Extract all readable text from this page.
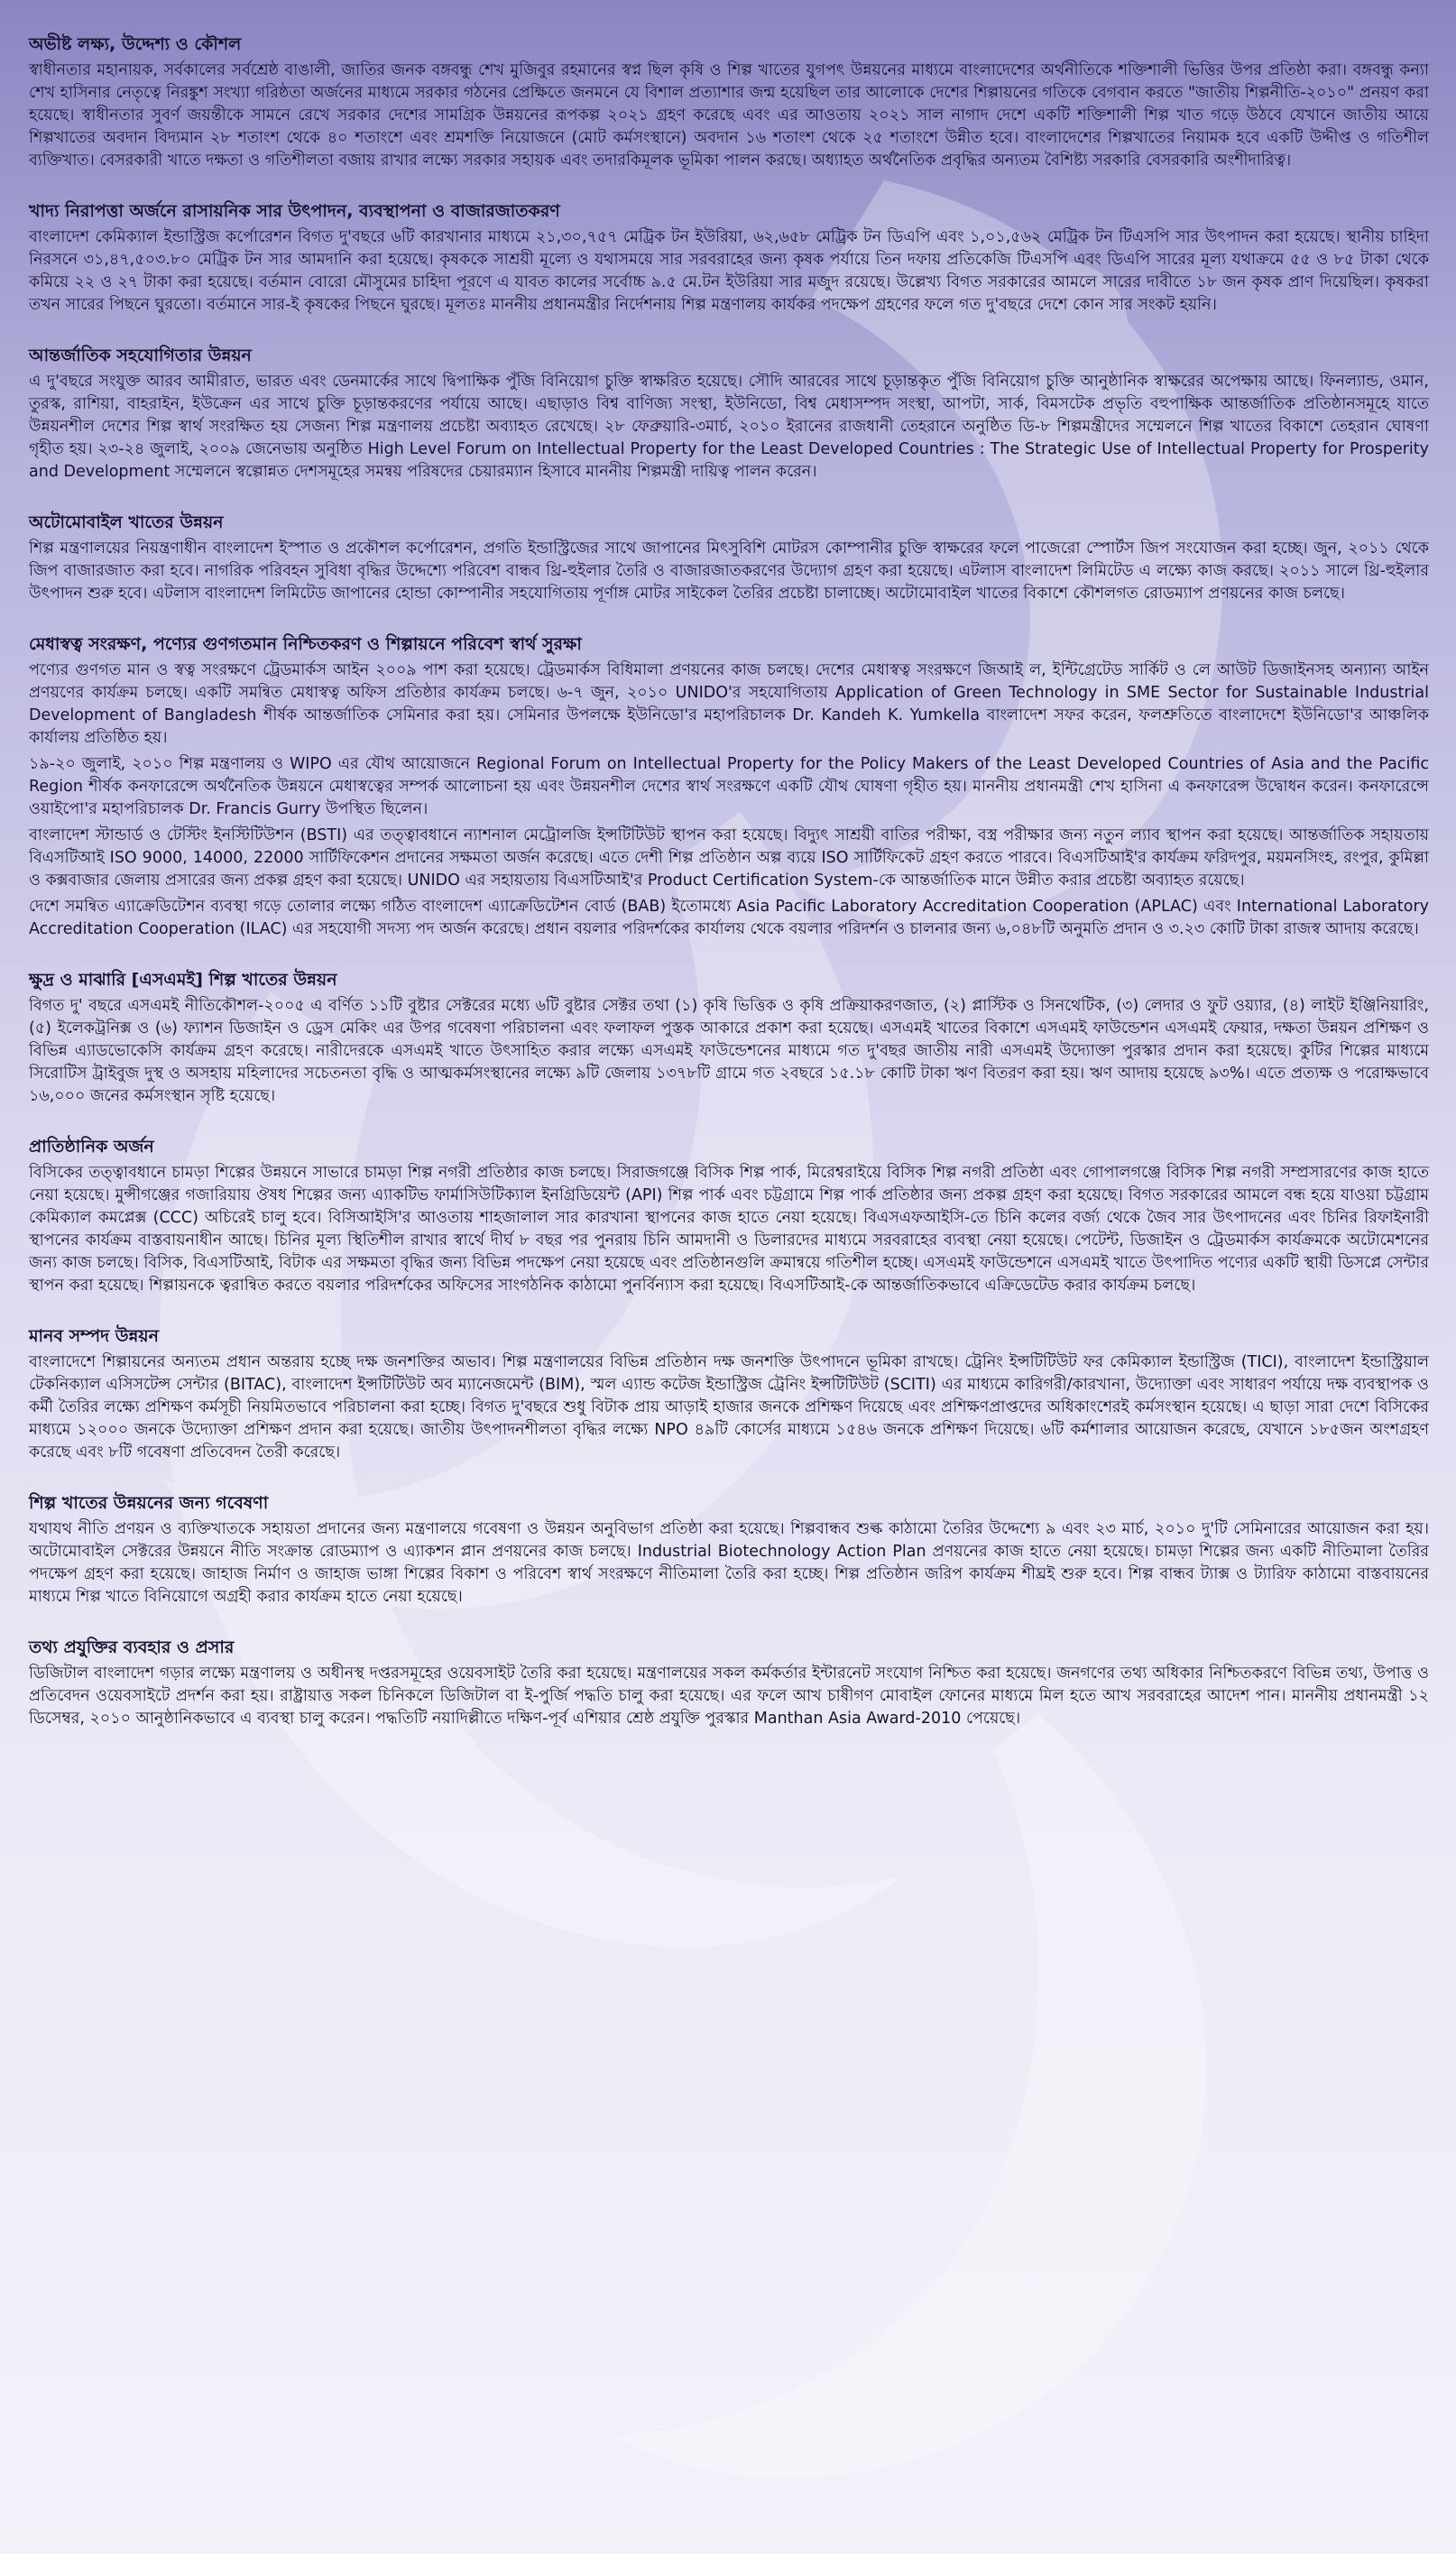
অভীষ্ট লক্ষ্য, উদ্দেশ্য ও কৌশল

স্বাধীনতার মহানায়ক, সর্বকালের সর্বশ্রেষ্ঠ বাঙালী, জাতির জনক বঙ্গবন্ধু শেখ মুজিবুর রহমানের স্বপ্ন ছিল কৃষি ও শিল্প খাতের যুগপৎ উন্নয়নের মাধ্যমে বাংলাদেশের অর্থনীতিকে শক্তিশালী ভিত্তির উপর প্রতিষ্ঠা করা। বঙ্গবন্ধু কন্যা শেখ হাসিনার নেতৃত্বে নিরঙ্কুশ সংখ্যা গরিষ্ঠতা অর্জনের মাধ্যমে সরকার গঠনের প্রেক্ষিতে জনমনে যে বিশাল প্রত্যাশার জন্ম হয়েছিল তার আলোকে দেশের শিল্পায়নের গতিকে বেগবান করতে "জাতীয় শিল্পনীতি-২০১০" প্রনয়ণ করা হয়েছে। স্বাধীনতার সুবর্ণ জয়ন্তীকে সামনে রেখে সরকার দেশের সামগ্রিক উন্নয়নের রূপকল্প ২০২১ গ্রহণ করেছে এবং এর আওতায় ২০২১ সাল নাগাদ দেশে একটি শক্তিশালী শিল্প খাত গড়ে উঠবে যেখানে জাতীয় আয়ে শিল্পখাতের অবদান বিদ্যমান ২৮ শতাংশ থেকে ৪০ শতাংশে এবং শ্রমশক্তি নিয়োজনে (মোট কর্মসংস্থানে) অবদান ১৬ শতাংশ থেকে ২৫ শতাংশে উন্নীত হবে। বাংলাদেশের শিল্পখাতের নিয়ামক হবে একটি উদ্দীপ্ত ও গতিশীল ব্যক্তিখাত। বেসরকারী খাতে দক্ষতা ও গতিশীলতা বজায় রাখার লক্ষ্যে সরকার সহায়ক এবং তদারকিমূলক ভূমিকা পালন করছে। অধ্যাহত অর্থনৈতিক প্রবৃদ্ধির অন্যতম বৈশিষ্ট্য সরকারি বেসরকারি অংশীদারিত্ব।

খাদ্য নিরাপত্তা অর্জনে রাসায়নিক সার উৎপাদন, ব্যবস্থাপনা ও বাজারজাতকরণ

বাংলাদেশ কেমিক্যাল ইন্ডাস্ট্রিজ কর্পোরেশন বিগত দু'বছরে ৬টি কারখানার মাধ্যমে ২১,৩০,৭৫৭ মেট্রিক টন ইউরিয়া, ৬২,৬৫৮ মেট্রিক টন ডিএপি এবং ১,০১,৫৬২ মেট্রিক টন টিএসপি সার উৎপাদন করা হয়েছে। স্থানীয় চাহিদা নিরসনে ৩১,৪৭,৫০৩.৮০ মেট্রিক টন সার আমদানি করা হয়েছে। কৃষককে সাশ্রয়ী মূল্যে ও যথাসময়ে সার সরবরাহের জন্য কৃষক পর্যায়ে তিন দফায় প্রতিকেজি টিএসপি এবং ডিএপি সারের মূল্য যথাক্রমে ৫৫ ও ৮৫ টাকা থেকে কমিয়ে ২২ ও ২৭ টাকা করা হয়েছে। বর্তমান বোরো মৌসুমের চাহিদা পূরণে এ যাবত কালের সর্বোচ্চ ৯.৫ মে.টন ইউরিয়া সার মজুদ রয়েছে। উল্লেখ্য বিগত সরকারের আমলে সারের দাবীতে ১৮ জন কৃষক প্রাণ দিয়েছিল। কৃষকরা তখন সারের পিছনে ঘুরতো। বর্তমানে সার-ই কৃষকের পিছনে ঘুরছে। মূলতঃ মাননীয় প্রধানমন্ত্রীর নির্দেশনায় শিল্প মন্ত্রণালয় কার্যকর পদক্ষেপ গ্রহণের ফলে গত দু'বছরে দেশে কোন সার সংকট হয়নি।

আন্তর্জাতিক সহযোগিতার উন্নয়ন

এ দু'বছরে সংযুক্ত আরব আমীরাত, ভারত এবং ডেনমার্কের সাথে দ্বিপাক্ষিক পুঁজি বিনিয়োগ চুক্তি স্বাক্ষরিত হয়েছে। সৌদি আরবের সাথে চূড়ান্তকৃত পুঁজি বিনিয়োগ চুক্তি আনুষ্ঠানিক স্বাক্ষরের অপেক্ষায় আছে। ফিনল্যান্ড, ওমান, তুরস্ক, রাশিয়া, বাহরাইন, ইউক্রেন এর সাথে চুক্তি চূড়ান্তকরণের পর্যায়ে আছে। এছাড়াও বিশ্ব বাণিজ্য সংস্থা, ইউনিডো, বিশ্ব মেধাসম্পদ সংস্থা, আপটা, সার্ক, বিমসটেক প্রভৃতি বহুপাক্ষিক আন্তর্জাতিক প্রতিষ্ঠানসমূহে যাতে উন্নয়নশীল দেশের শিল্প স্বার্থ সংরক্ষিত হয় সেজন্য শিল্প মন্ত্রণালয় প্রচেষ্টা অব্যাহত রেখেছে। ২৮ ফেব্রুয়ারি-৩মার্চ, ২০১০ ইরানের রাজধানী তেহরানে অনুষ্ঠিত ডি-৮ শিল্পমন্ত্রীদের সম্মেলনে শিল্প খাতের বিকাশে তেহরান ঘোষণা গৃহীত হয়। ২৩-২৪ জুলাই, ২০০৯ জেনেভায় অনুষ্ঠিত High Level Forum on Intellectual Property for the Least Developed Countries : The Strategic Use of Intellectual Property for Prosperity and Development সম্মেলনে স্বল্পোন্নত দেশসমূহের সমন্বয় পরিষদের চেয়ারম্যান হিসাবে মাননীয় শিল্পমন্ত্রী দায়িত্ব পালন করেন।

অটোমোবাইল খাতের উন্নয়ন

শিল্প মন্ত্রণালয়ের নিয়ন্ত্রণাধীন বাংলাদেশ ইস্পাত ও প্রকৌশল কর্পোরেশন, প্রগতি ইন্ডাস্ট্রিজের সাথে জাপানের মিৎসুবিশি মোটরস কোম্পানীর চুক্তি স্বাক্ষরের ফলে পাজেরো স্পোর্টস জিপ সংযোজন করা হচ্ছে। জুন, ২০১১ থেকে জিপ বাজারজাত করা হবে। নাগরিক পরিবহন সুবিধা বৃদ্ধির উদ্দেশ্যে পরিবেশ বান্ধব থ্রি-হুইলার তৈরি ও বাজারজাতকরণের উদ্যোগ গ্রহণ করা হয়েছে। এটলাস বাংলাদেশ লিমিটেড এ লক্ষ্যে কাজ করছে। ২০১১ সালে থ্রি-হুইলার উৎপাদন শুরু হবে। এটলাস বাংলাদেশ লিমিটেড জাপানের হোন্ডা কোম্পানীর সহযোগিতায় পূর্ণাঙ্গ মোটর সাইকেল তৈরির প্রচেষ্টা চালাচ্ছে। অটোমোবাইল খাতের বিকাশে কৌশলগত রোডম্যাপ প্রণয়নের কাজ চলছে।

মেধাস্বত্ব সংরক্ষণ, পণ্যের গুণগতমান নিশ্চিতকরণ ও শিল্পায়নে পরিবেশ স্বার্থ সুরক্ষা

পণ্যের গুণগত মান ও স্বত্ব সংরক্ষণে ট্রেডমার্কস আইন ২০০৯ পাশ করা হয়েছে। ট্রেডমার্কস বিধিমালা প্রণয়নের কাজ চলছে। দেশের মেধাস্বত্ব সংরক্ষণে জিআই ল, ইন্টিগ্রেটেড সার্কিট ও লে আউট ডিজাইনসহ অন্যান্য আইন প্রণয়ণের কার্যক্রম চলছে। একটি সমন্বিত মেধাস্বত্ব অফিস প্রতিষ্ঠার কার্যক্রম চলছে। ৬-৭ জুন, ২০১০ UNIDO'র সহযোগিতায় Application of Green Technology in SME Sector for Sustainable Industrial Development of Bangladesh শীর্ষক আন্তর্জাতিক সেমিনার করা হয়। সেমিনার উপলক্ষে ইউনিডো'র মহাপরিচালক Dr. Kandeh K. Yumkella বাংলাদেশ সফর করেন, ফলশ্রুতিতে বাংলাদেশে ইউনিডো'র আঞ্চলিক কার্যালয় প্রতিষ্ঠিত হয়।

১৯-২০ জুলাই, ২০১০ শিল্প মন্ত্রণালয় ও WIPO এর যৌথ আয়োজনে Regional Forum on Intellectual Property for the Policy Makers of the Least Developed Countries of Asia and the Pacific Region শীর্ষক কনফারেন্সে অর্থনৈতিক উন্নয়নে মেধাস্বত্বের সম্পর্ক আলোচনা হয় এবং উন্নয়নশীল দেশের স্বার্থ সংরক্ষণে একটি যৌথ ঘোষণা গৃহীত হয়। মাননীয় প্রধানমন্ত্রী শেখ হাসিনা এ কনফারেন্স উদ্বোধন করেন। কনফারেন্সে ওয়াইপো'র মহাপরিচালক Dr. Francis Gurry উপস্থিত ছিলেন।

বাংলাদেশ স্টান্ডার্ড ও টেস্টিং ইনস্টিটিউশন (BSTI) এর তত্ত্বাবধানে ন্যাশনাল মেট্রোলজি ইন্সটিটিউট স্থাপন করা হয়েছে। বিদ্যুৎ সাশ্রয়ী বাতির পরীক্ষা, বস্ত্র পরীক্ষার জন্য নতুন ল্যাব স্থাপন করা হয়েছে। আন্তর্জাতিক সহায়তায় বিএসটিআই ISO 9000, 14000, 22000 সার্টিফিকেশন প্রদানের সক্ষমতা অর্জন করেছে। এতে দেশী শিল্প প্রতিষ্ঠান অল্প ব্যয়ে ISO সার্টিফিকেট গ্রহণ করতে পারবে। বিএসটিআই'র কার্যক্রম ফরিদপুর, ময়মনসিংহ, রংপুর, কুমিল্লা ও কক্সবাজার জেলায় প্রসারের জন্য প্রকল্প গ্রহণ করা হয়েছে। UNIDO এর সহায়তায় বিএসটিআই'র Product Certification System-কে আন্তর্জাতিক মানে উন্নীত করার প্রচেষ্টা অব্যাহত রয়েছে।

দেশে সমন্বিত এ্যাক্রেডিটেশন ব্যবস্থা গড়ে তোলার লক্ষ্যে গঠিত বাংলাদেশ এ্যাক্রেডিটেশন বোর্ড (BAB) ইতোমধ্যে Asia Pacific Laboratory Accreditation Cooperation (APLAC) এবং International Laboratory Accreditation Cooperation (ILAC) এর সহযোগী সদস্য পদ অর্জন করেছে। প্রধান বয়লার পরিদর্শকের কার্যালয় থেকে বয়লার পরিদর্শন ও চালনার জন্য ৬,০৪৮টি অনুমতি প্রদান ও ৩.২৩ কোটি টাকা রাজস্ব আদায় করেছে।

ক্ষুদ্র ও মাঝারি [এসএমই] শিল্প খাতের উন্নয়ন

বিগত দু' বছরে এসএমই নীতিকৌশল-২০০৫ এ বর্ণিত ১১টি বুষ্টার সেক্টরের মধ্যে ৬টি বুষ্টার সেক্টর তথা (১) কৃষি ভিত্তিক ও কৃষি প্রক্রিয়াকরণজাত, (২) প্লাস্টিক ও সিনথেটিক, (৩) লেদার ও ফুট ওয়্যার, (৪) লাইট ইঞ্জিনিয়ারিং, (৫) ইলেকট্রনিক্স ও (৬) ফ্যাশন ডিজাইন ও ড্রেস মেকিং এর উপর গবেষণা পরিচালনা এবং ফলাফল পুস্তক আকারে প্রকাশ করা হয়েছে। এসএমই খাতের বিকাশে এসএমই ফাউন্ডেশন এসএমই ফেয়ার, দক্ষতা উন্নয়ন প্রশিক্ষণ ও বিভিন্ন এ্যাডভোকেসি কার্যক্রম গ্রহণ করেছে। নারীদেরকে এসএমই খাতে উৎসাহিত করার লক্ষ্যে এসএমই ফাউন্ডেশনের মাধ্যমে গত দু'বছর জাতীয় নারী এসএমই উদ্যোক্তা পুরস্কার প্রদান করা হয়েছে। কুটির শিল্পের মাধ্যমে সিরোটিস ট্রাইবুজ দুস্থ ও অসহায় মহিলাদের সচেতনতা বৃদ্ধি ও আত্মকর্মসংস্থানের লক্ষ্যে ৯টি জেলায় ১৩৭৮টি গ্রামে গত ২বছরে ১৫.১৮ কোটি টাকা ঋণ বিতরণ করা হয়। ঋণ আদায় হয়েছে ৯৩%। এতে প্রত্যক্ষ ও পরোক্ষভাবে ১৬,০০০ জনের কর্মসংস্থান সৃষ্টি হয়েছে।

প্রাতিষ্ঠানিক অর্জন

বিসিকের তত্ত্বাবধানে চামড়া শিল্পের উন্নয়নে সাভারে চামড়া শিল্প নগরী প্রতিষ্ঠার কাজ চলছে। সিরাজগঞ্জে বিসিক শিল্প পার্ক, মিরেশ্বরাইয়ে বিসিক শিল্প নগরী প্রতিষ্ঠা এবং গোপালগঞ্জে বিসিক শিল্প নগরী সম্প্রসারণের কাজ হাতে নেয়া হয়েছে। মুন্সীগঞ্জের গজারিয়ায় ঔষধ শিল্পের জন্য এ্যাকটিভ ফার্মাসিউটিক্যাল ইনগ্রিডিয়েন্ট (API) শিল্প পার্ক এবং চট্টগ্রামে শিল্প পার্ক প্রতিষ্ঠার জন্য প্রকল্প গ্রহণ করা হয়েছে। বিগত সরকারের আমলে বন্ধ হয়ে যাওয়া চট্টগ্রাম কেমিক্যাল কমপ্লেক্স (CCC) অচিরেই চালু হবে। বিসিআইসি'র আওতায় শাহজালাল সার কারখানা স্থাপনের কাজ হাতে নেয়া হয়েছে। বিএসএফআইসি-তে চিনি কলের বর্জ্য থেকে জৈব সার উৎপাদনের এবং চিনির রিফাইনারী স্থাপনের কার্যক্রম বাস্তবায়নাধীন আছে। চিনির মূল্য স্থিতিশীল রাখার স্বার্থে দীর্ঘ ৮ বছর পর পুনরায় চিনি আমদানী ও ডিলারদের মাধ্যমে সরবরাহের ব্যবস্থা নেয়া হয়েছে। পেটেন্ট, ডিজাইন ও ট্রেডমার্কস কার্যক্রমকে অটোমেশনের জন্য কাজ চলছে। বিসিক, বিএসটিআই, বিটাক এর সক্ষমতা বৃদ্ধির জন্য বিভিন্ন পদক্ষেপ নেয়া হয়েছে এবং প্রতিষ্ঠানগুলি ক্রমান্বয়ে গতিশীল হচ্ছে। এসএমই ফাউন্ডেশনে এসএমই খাতে উৎপাদিত পণ্যের একটি স্থায়ী ডিসপ্লে সেন্টার স্থাপন করা হয়েছে। শিল্পায়নকে ত্বরান্বিত করতে বয়লার পরিদর্শকের অফিসের সাংগঠনিক কাঠামো পুনর্বিন্যাস করা হয়েছে। বিএসটিআই-কে আন্তর্জাতিকভাবে এক্রিডেটেড করার কার্যক্রম চলছে।

মানব সম্পদ উন্নয়ন

বাংলাদেশে শিল্পায়নের অন্যতম প্রধান অন্তরায় হচ্ছে দক্ষ জনশক্তির অভাব। শিল্প মন্ত্রণালয়ের বিভিন্ন প্রতিষ্ঠান দক্ষ জনশক্তি উৎপাদনে ভূমিকা রাখছে। ট্রেনিং ইন্সটিটিউট ফর কেমিক্যাল ইন্ডাস্ট্রিজ (TICI), বাংলাদেশ ইন্ডাস্ট্রিয়াল টেকনিক্যাল এসিসটেন্স সেন্টার (BITAC), বাংলাদেশ ইন্সটিটিউট অব ম্যানেজমেন্ট (BIM), স্মল এ্যান্ড কটেজ ইন্ডাস্ট্রিজ ট্রেনিং ইন্সটিটিউট (SCITI) এর মাধ্যমে কারিগরী/কারখানা, উদ্যোক্তা এবং সাধারণ পর্যায়ে দক্ষ ব্যবস্থাপক ও কর্মী তৈরির লক্ষ্যে প্রশিক্ষণ কর্মসূচী নিয়মিতভাবে পরিচালনা করা হচ্ছে। বিগত দু'বছরে শুধু বিটাক প্রায় আড়াই হাজার জনকে প্রশিক্ষণ দিয়েছে এবং প্রশিক্ষণপ্রাপ্তদের অধিকাংশেরই কর্মসংস্থান হয়েছে। এ ছাড়া সারা দেশে বিসিকের মাধ্যমে ১২০০০ জনকে উদ্যোক্তা প্রশিক্ষণ প্রদান করা হয়েছে। জাতীয় উৎপাদনশীলতা বৃদ্ধির লক্ষ্যে NPO ৪৯টি কোর্সের মাধ্যমে ১৫৪৬ জনকে প্রশিক্ষণ দিয়েছে। ৬টি কর্মশালার আয়োজন করেছে, যেখানে ১৮৫জন অংশগ্রহণ করেছে এবং ৮টি গবেষণা প্রতিবেদন তৈরী করেছে।

শিল্প খাতের উন্নয়নের জন্য গবেষণা

যথাযথ নীতি প্রণয়ন ও ব্যক্তিখাতকে সহায়তা প্রদানের জন্য মন্ত্রণালয়ে গবেষণা ও উন্নয়ন অনুবিভাগ প্রতিষ্ঠা করা হয়েছে। শিল্পবান্ধব শুল্ক কাঠামো তৈরির উদ্দেশ্যে ৯ এবং ২৩ মার্চ, ২০১০ দু'টি সেমিনারের আয়োজন করা হয়। অটোমোবাইল সেক্টরের উন্নয়নে নীতি সংক্রান্ত রোডম্যাপ ও এ্যাকশন প্লান প্রণয়নের কাজ চলছে। Industrial Biotechnology Action Plan প্রণয়নের কাজ হাতে নেয়া হয়েছে। চামড়া শিল্পের জন্য একটি নীতিমালা তৈরির পদক্ষেপ গ্রহণ করা হয়েছে। জাহাজ নির্মাণ ও জাহাজ ভাঙ্গা শিল্পের বিকাশ ও পরিবেশ স্বার্থ সংরক্ষণে নীতিমালা তৈরি করা হচ্ছে। শিল্প প্রতিষ্ঠান জরিপ কার্যক্রম শীঘ্রই শুরু হবে। শিল্প বান্ধব ট্যাক্স ও ট্যারিফ কাঠামো বাস্তবায়নের মাধ্যমে শিল্প খাতে বিনিয়োগে অগ্রহী করার কার্যক্রম হাতে নেয়া হয়েছে।

তথ্য প্রযুক্তির ব্যবহার ও প্রসার

ডিজিটাল বাংলাদেশ গড়ার লক্ষ্যে মন্ত্রণালয় ও অধীনস্থ দপ্তরসমূহের ওয়েবসাইট তৈরি করা হয়েছে। মন্ত্রণালয়ের সকল কর্মকর্তার ইন্টারনেট সংযোগ নিশ্চিত করা হয়েছে। জনগণের তথ্য অধিকার নিশ্চিতকরণে বিভিন্ন তথ্য, উপাত্ত ও প্রতিবেদন ওয়েবসাইটে প্রদর্শন করা হয়। রাষ্ট্রায়াত্ত সকল চিনিকলে ডিজিটাল বা ই-পুর্জি পদ্ধতি চালু করা হয়েছে। এর ফলে আখ চাষীগণ মোবাইল ফোনের মাধ্যমে মিল হতে আখ সরবরাহের আদেশ পান। মাননীয় প্রধানমন্ত্রী ১২ ডিসেম্বর, ২০১০ আনুষ্ঠানিকভাবে এ ব্যবস্থা চালু করেন। পদ্ধতিটি নয়াদিল্লীতে দক্ষিণ-পূর্ব এশিয়ার শ্রেষ্ঠ প্রযুক্তি পুরস্কার Manthan Asia Award-2010 পেয়েছে।
